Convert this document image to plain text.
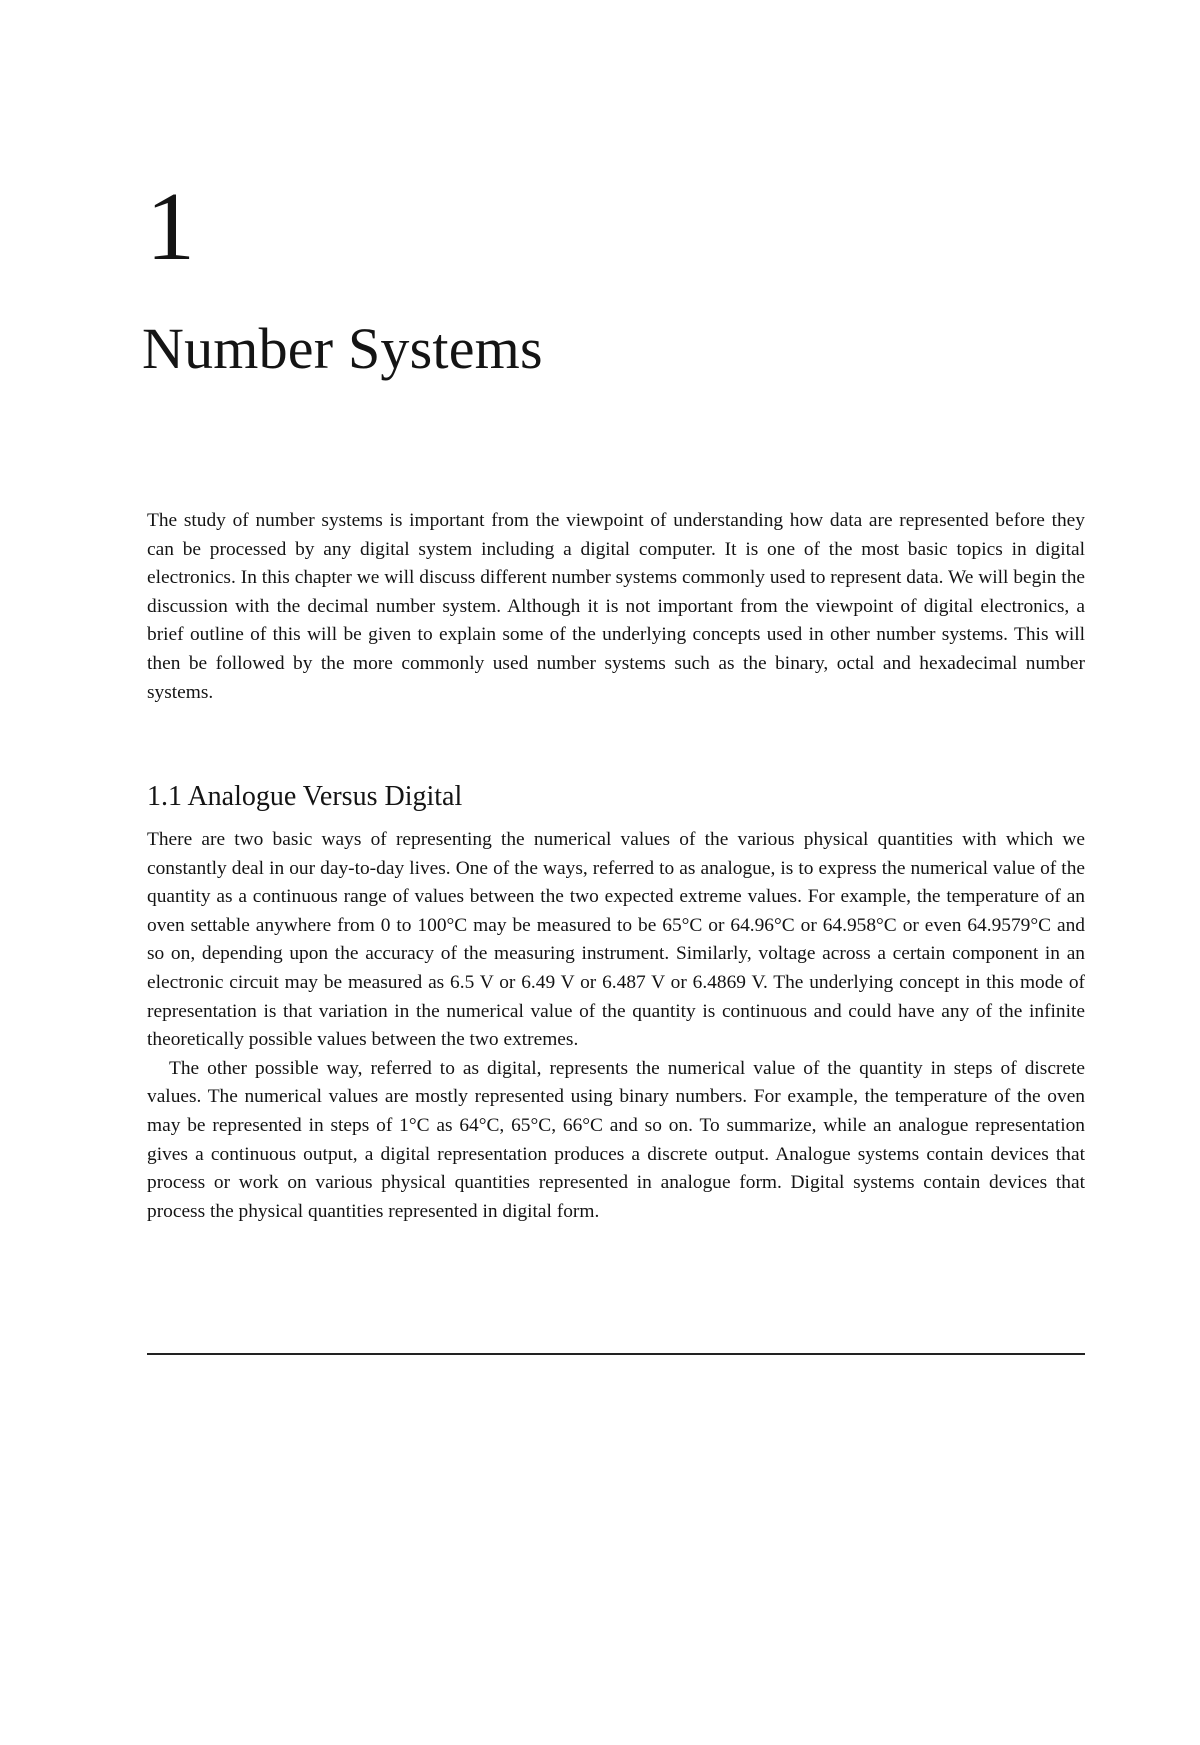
1
Number Systems

The study of number systems is important from the viewpoint of understanding how data are represented before they can be processed by any digital system including a digital computer. It is one of the most basic topics in digital electronics. In this chapter we will discuss different number systems commonly used to represent data. We will begin the discussion with the decimal number system. Although it is not important from the viewpoint of digital electronics, a brief outline of this will be given to explain some of the underlying concepts used in other number systems. This will then be followed by the more commonly used number systems such as the binary, octal and hexadecimal number systems.

1.1 Analogue Versus Digital

There are two basic ways of representing the numerical values of the various physical quantities with which we constantly deal in our day-to-day lives. One of the ways, referred to as analogue, is to express the numerical value of the quantity as a continuous range of values between the two expected extreme values. For example, the temperature of an oven settable anywhere from 0 to 100°C may be measured to be 65°C or 64.96°C or 64.958°C or even 64.9579°C and so on, depending upon the accuracy of the measuring instrument. Similarly, voltage across a certain component in an electronic circuit may be measured as 6.5 V or 6.49 V or 6.487 V or 6.4869 V. The underlying concept in this mode of representation is that variation in the numerical value of the quantity is continuous and could have any of the infinite theoretically possible values between the two extremes.

The other possible way, referred to as digital, represents the numerical value of the quantity in steps of discrete values. The numerical values are mostly represented using binary numbers. For example, the temperature of the oven may be represented in steps of 1°C as 64°C, 65°C, 66°C and so on. To summarize, while an analogue representation gives a continuous output, a digital representation produces a discrete output. Analogue systems contain devices that process or work on various physical quantities represented in analogue form. Digital systems contain devices that process the physical quantities represented in digital form.
